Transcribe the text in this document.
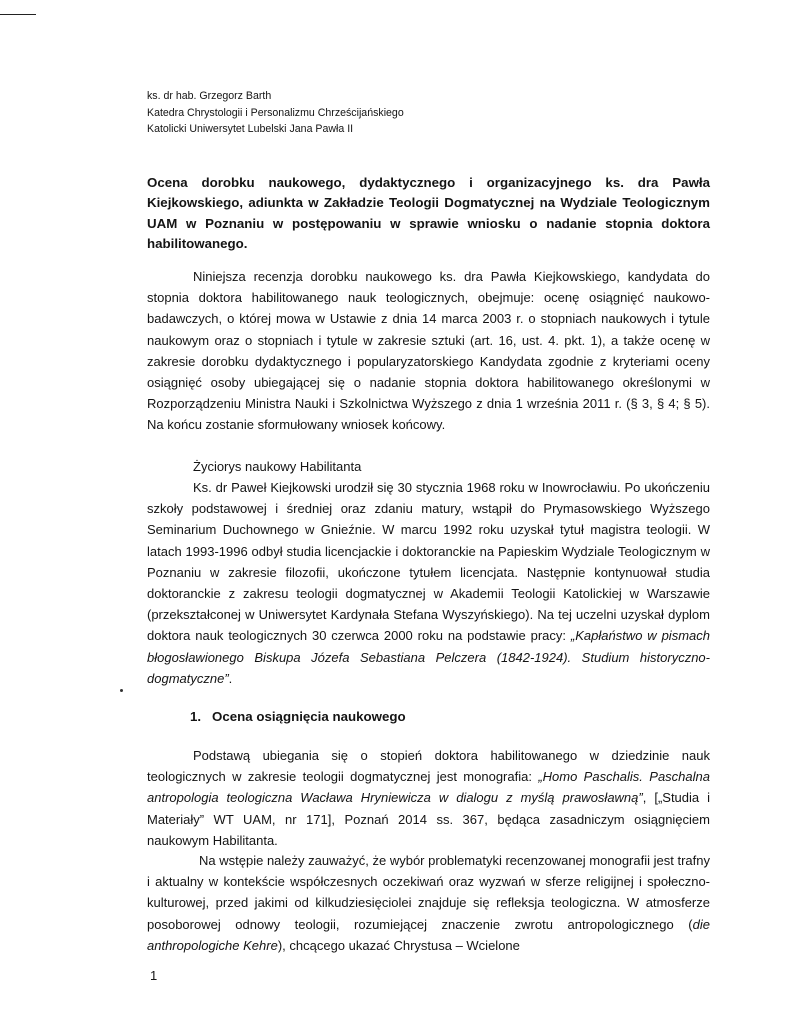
ks. dr hab. Grzegorz Barth
Katedra Chrystologii i Personalizmu Chrześcijańskiego
Katolicki Uniwersytet Lubelski Jana Pawła II
Ocena dorobku naukowego, dydaktycznego i organizacyjnego ks. dra Pawła Kiejkowskiego, adiunkta w Zakładzie Teologii Dogmatycznej na Wydziale Teologicznym UAM w Poznaniu w postępowaniu w sprawie wniosku o nadanie stopnia doktora habilitowanego.

Niniejsza recenzja dorobku naukowego ks. dra Pawła Kiejkowskiego, kandydata do stopnia doktora habilitowanego nauk teologicznych, obejmuje: ocenę osiągnięć naukowo-badawczych, o której mowa w Ustawie z dnia 14 marca 2003 r. o stopniach naukowych i tytule naukowym oraz o stopniach i tytule w zakresie sztuki (art. 16, ust. 4. pkt. 1), a także ocenę w zakresie dorobku dydaktycznego i popularyzatorskiego Kandydata zgodnie z kryteriami oceny osiągnięć osoby ubiegającej się o nadanie stopnia doktora habilitowanego określonymi w Rozporządzeniu Ministra Nauki i Szkolnictwa Wyższego z dnia 1 września 2011 r. (§ 3, § 4; § 5). Na końcu zostanie sformułowany wniosek końcowy.

Życiorys naukowy Habilitanta

Ks. dr Paweł Kiejkowski urodził się 30 stycznia 1968 roku w Inowrocławiu. Po ukończeniu szkoły podstawowej i średniej oraz zdaniu matury, wstąpił do Prymasowskiego Wyższego Seminarium Duchownego w Gnieźnie. W marcu 1992 roku uzyskał tytuł magistra teologii. W latach 1993-1996 odbył studia licencjackie i doktoranckie na Papieskim Wydziale Teologicznym w Poznaniu w zakresie filozofii, ukończone tytułem licencjata. Następnie kontynuował studia doktoranckie z zakresu teologii dogmatycznej w Akademii Teologii Katolickiej w Warszawie (przekształconej w Uniwersytet Kardynała Stefana Wyszyńskiego). Na tej uczelni uzyskał dyplom doktora nauk teologicznych 30 czerwca 2000 roku na podstawie pracy: „Kapłaństwo w pismach błogosławionego Biskupa Józefa Sebastiana Pelczera (1842-1924). Studium historyczno-dogmatyczne”.

1. Ocena osiągnięcia naukowego

Podstawą ubiegania się o stopień doktora habilitowanego w dziedzinie nauk teologicznych w zakresie teologii dogmatycznej jest monografia: „Homo Paschalis. Paschalna antropologia teologiczna Wacława Hryniewicza w dialogu z myślą prawosławną”, [„Studia i Materiały” WT UAM, nr 171], Poznań 2014 ss. 367, będąca zasadniczym osiągnięciem naukowym Habilitanta.

Na wstępie należy zauważyć, że wybór problematyki recenzowanej monografii jest trafny i aktualny w kontekście współczesnych oczekiwań oraz wyzwań w sferze religijnej i społeczno-kulturowej, przed jakimi od kilkudziesięciolei znajduje się refleksja teologiczna. W atmosferze posoborowej odnowy teologii, rozumiejącej znaczenie zwrotu antropologicznego (die anthropologiche Kehre), chcącego ukazać Chrystusa – Wcielone

1
